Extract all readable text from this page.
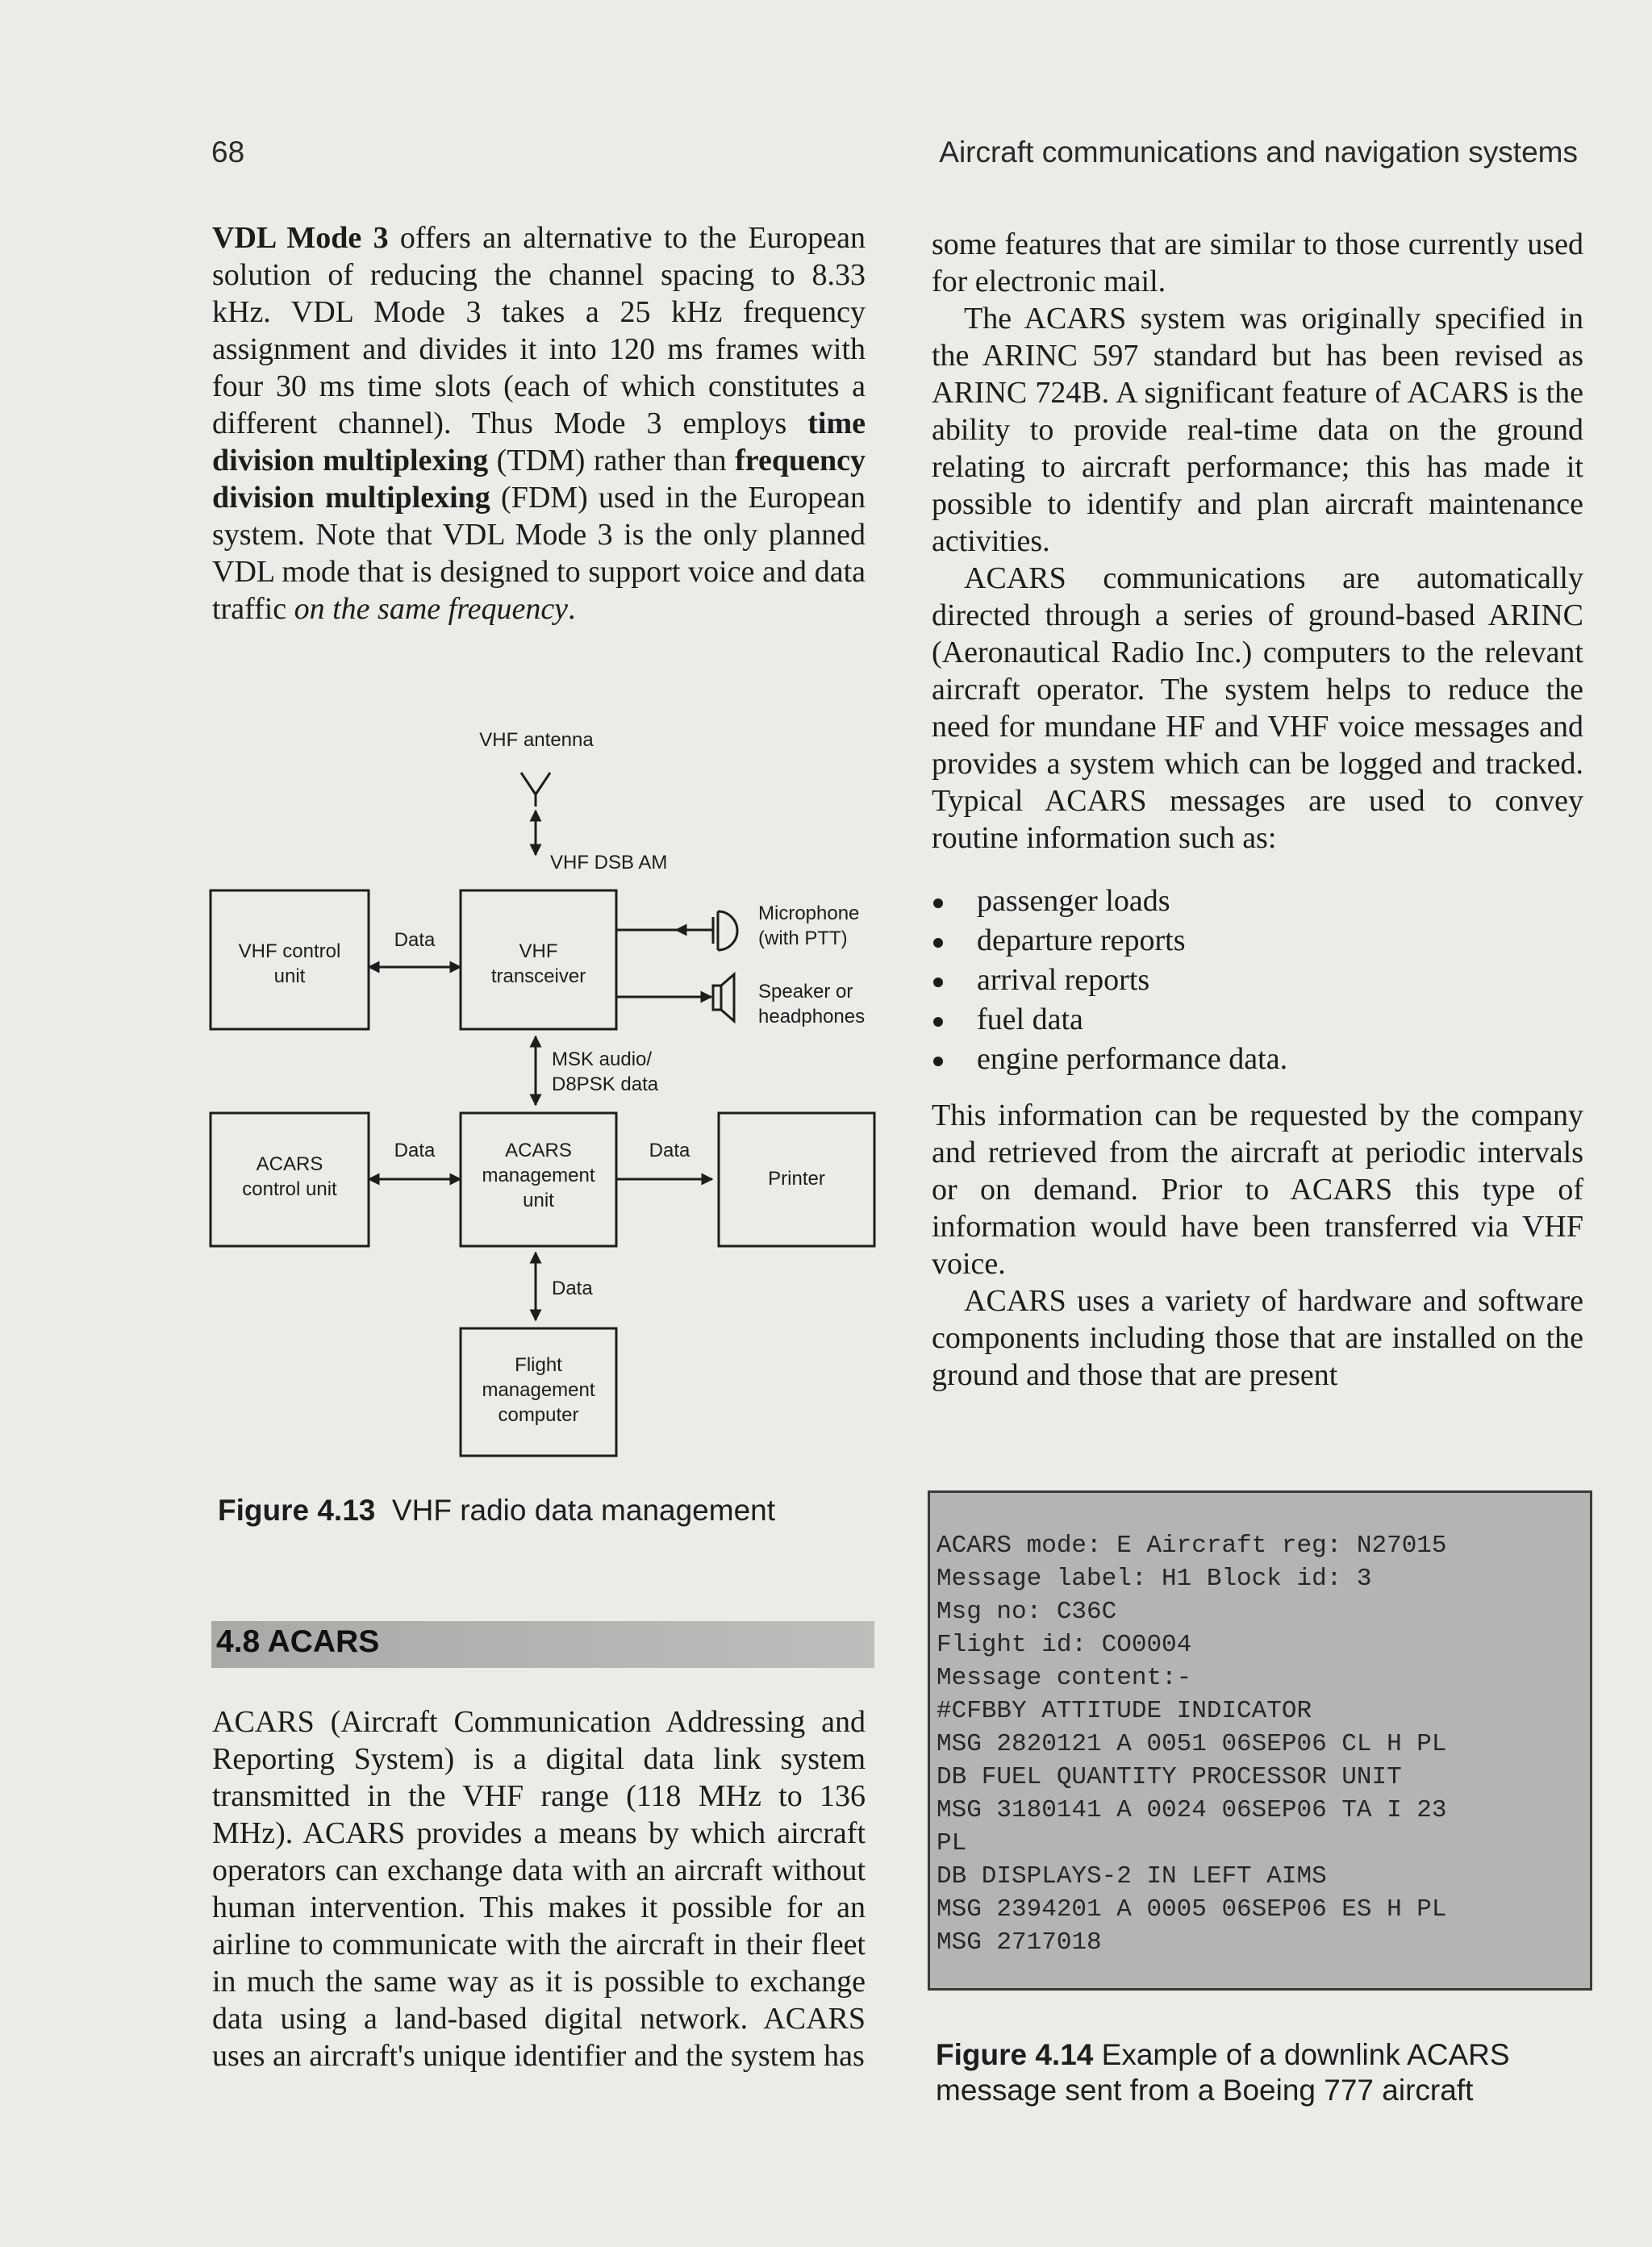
68	Aircraft communications and navigation systems

VDL Mode 3 offers an alternative to the European solution of reducing the channel spacing to 8.33 kHz. VDL Mode 3 takes a 25 kHz frequency assignment and divides it into 120 ms frames with four 30 ms time slots (each of which constitutes a different channel). Thus Mode 3 employs time division multiplexing (TDM) rather than frequency division multiplexing (FDM) used in the European system. Note that VDL Mode 3 is the only planned VDL mode that is designed to support voice and data traffic on the same frequency.

VHF antenna
VHF DSB AM
VHF control
unit
Data
VHF
transceiver
Microphone
(with PTT)
Speaker or
headphones
MSK audio/
D8PSK data
ACARS
control unit
Data	ACARS
management
unit
Data
Printer
Data
Flight
management
computer
Figure 4.13 VHF radio data management
4.8 ACARS

ACARS (Aircraft Communication Addressing and Reporting System) is a digital data link system transmitted in the VHF range (118 MHz to 136 MHz). ACARS provides a means by which aircraft operators can exchange data with an aircraft without human intervention. This makes it possible for an airline to communicate with the aircraft in their fleet in much the same way as it is possible to exchange data using a land-based digital network. ACARS uses an aircraft's unique identifier and the system has

some features that are similar to those currently used for electronic mail.

The ACARS system was originally specified in the ARINC 597 standard but has been revised as ARINC 724B. A significant feature of ACARS is the ability to provide real-time data on the ground relating to aircraft performance; this has made it possible to identify and plan aircraft maintenance activities.

ACARS communications are automatically directed through a series of ground-based ARINC (Aeronautical Radio Inc.) computers to the relevant aircraft operator. The system helps to reduce the need for mundane HF and VHF voice messages and provides a system which can be logged and tracked. Typical ACARS messages are used to convey routine information such as:

passenger loads
departure reports
arrival reports
fuel data
engine performance data.

This information can be requested by the company and retrieved from the aircraft at periodic intervals or on demand. Prior to ACARS this type of information would have been transferred via VHF voice.

ACARS uses a variety of hardware and software components including those that are installed on the ground and those that are present

ACARS mode: E Aircraft reg: N27015
Message label: H1 Block id: 3
Msg no: C36C
Flight id: CO0004
Message content:-
#CFBBY ATTITUDE INDICATOR
MSG 2820121 A 0051 06SEP06 CL H PL
DB FUEL QUANTITY PROCESSOR UNIT
MSG 3180141 A 0024 06SEP06 TA I 23
PL
DB DISPLAYS-2 IN LEFT AIMS
MSG 2394201 A 0005 06SEP06 ES H PL
MSG 2717018
Figure 4.14 Example of a downlink ACARS
message sent from a Boeing 777 aircraft
